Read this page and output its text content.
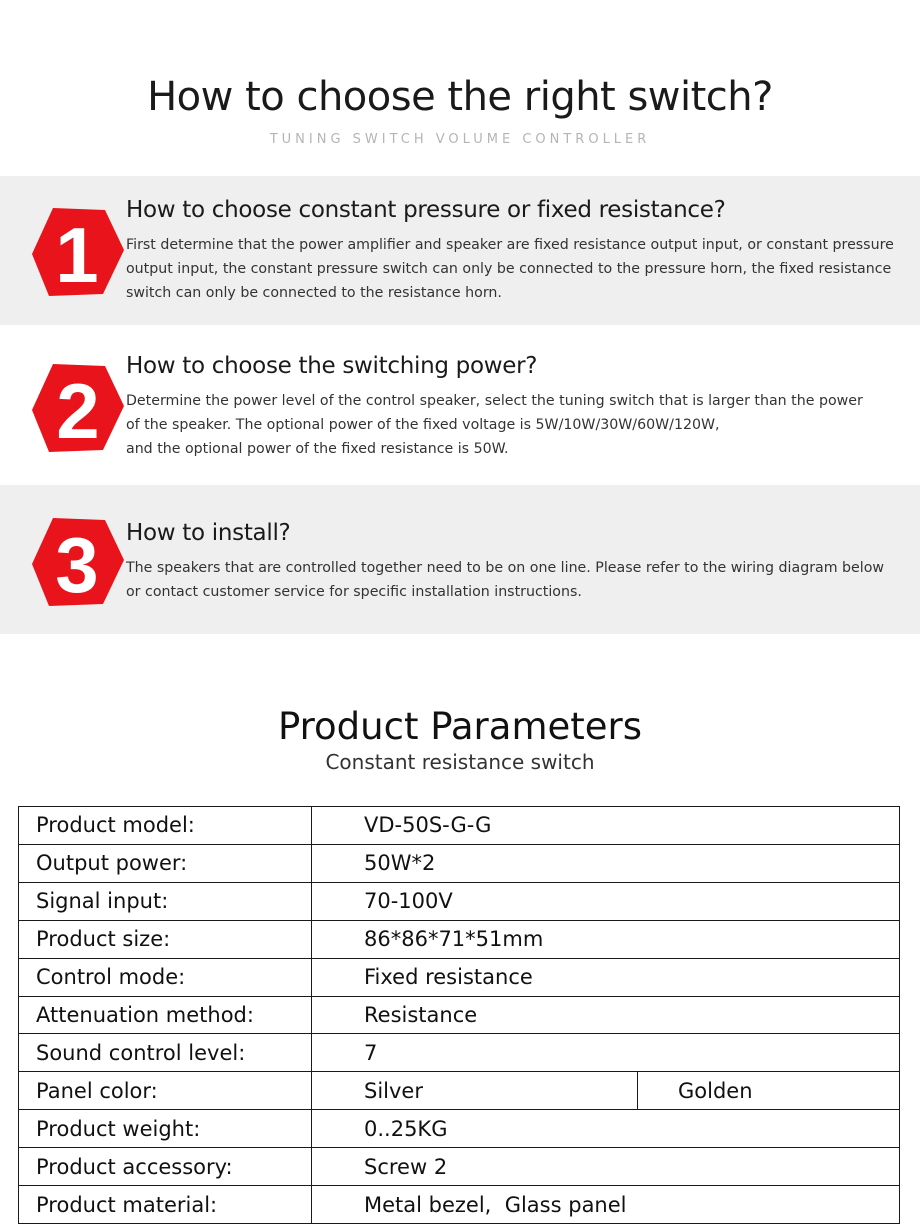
How to choose the right switch?
TUNING SWITCH VOLUME CONTROLLER
1
How to choose constant pressure or fixed resistance?
First determine that the power amplifier and speaker are fixed resistance output input, or constant pressure output input, the constant pressure switch can only be connected to the pressure horn, the fixed resistance switch can only be connected to the resistance horn.
2
How to choose the switching power?
Determine the power level of the control speaker, select the tuning switch that is larger than the power
of the speaker. The optional power of the fixed voltage is 5W/10W/30W/60W/120W,
and the optional power of the fixed resistance is 50W.
3 How to install?
The speakers that are controlled together need to be on one line. Please refer to the wiring diagram below or contact customer service for specific installation instructions.
Product Parameters
Constant resistance switch
Product model:	VD-50S-G-G	
Output power:	50W*2	
Signal input:	70-100V	
Product size:	86*86*71*51mm	
Control mode:	Fixed resistance	
Attenuation method:	Resistance	
Sound control level:	7	
Panel color:	Silver	Golden
Product weight:	0..25KG	
Product accessory:	Screw 2	
Product material:	Metal bezel,  Glass panel	
